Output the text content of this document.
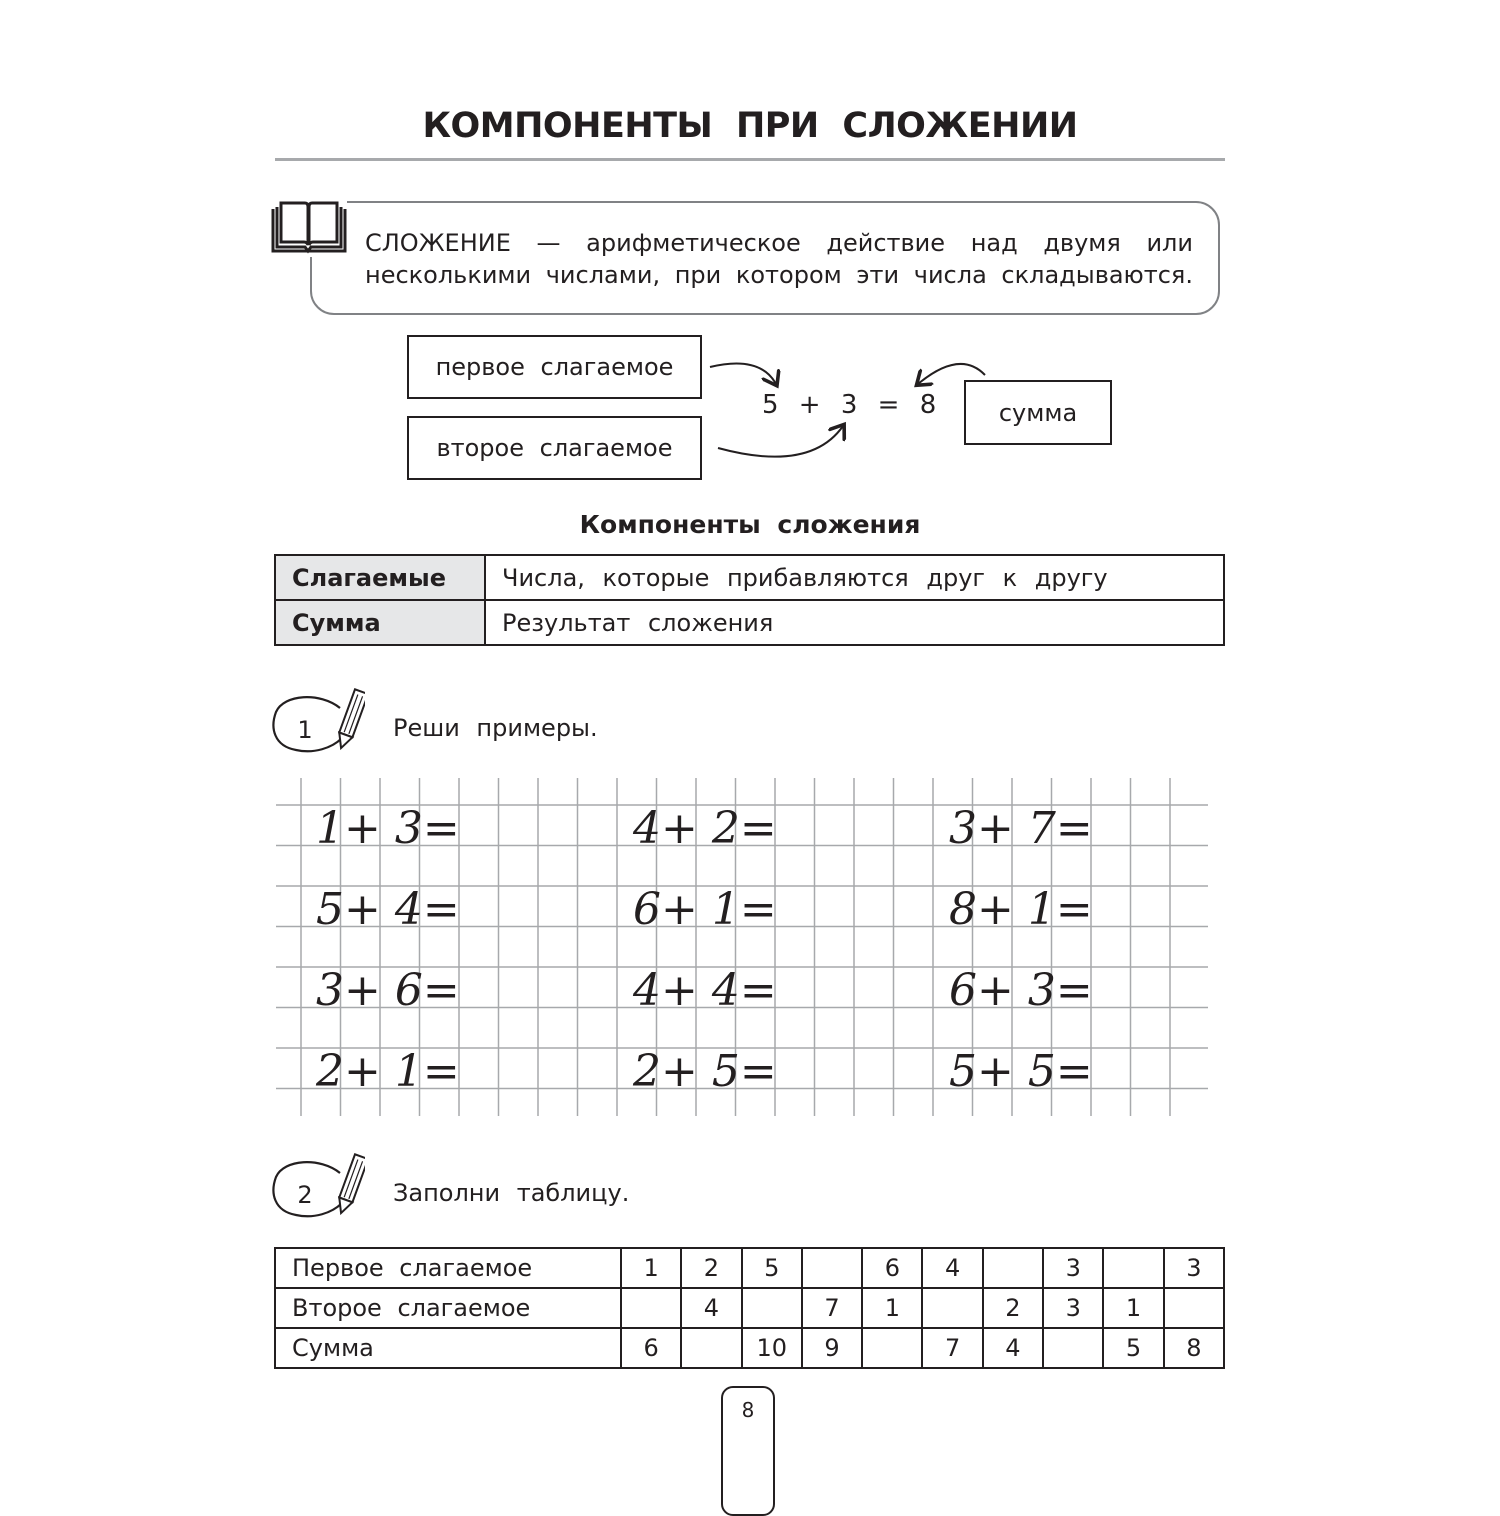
КОМПОНЕНТЫ ПРИ СЛОЖЕНИИ
СЛОЖЕНИЕ — арифметическое действие над двумя или
несколькими числами, при котором эти числа складываются.
первое слагаемое
второе слагаемое
сумма
5 + 3 = 8
Компоненты сложения
Слагаемые	Числа, которые прибавляются друг к другу
Сумма	Результат сложения
1	Реши примеры.
1+ 3=	4+ 2=	3+ 7=
5+ 4=	6+ 1=	8+ 1=
3+ 6=	4+ 4=	6+ 3=
2+ 1=	2+ 5=	5+ 5=
2	Заполни таблицу.
Первое слагаемое	1	2	5		6	4		3		3
Второе слагаемое		4		7	1		2	3	1	
Сумма	6		10	9		7	4		5	8
8
